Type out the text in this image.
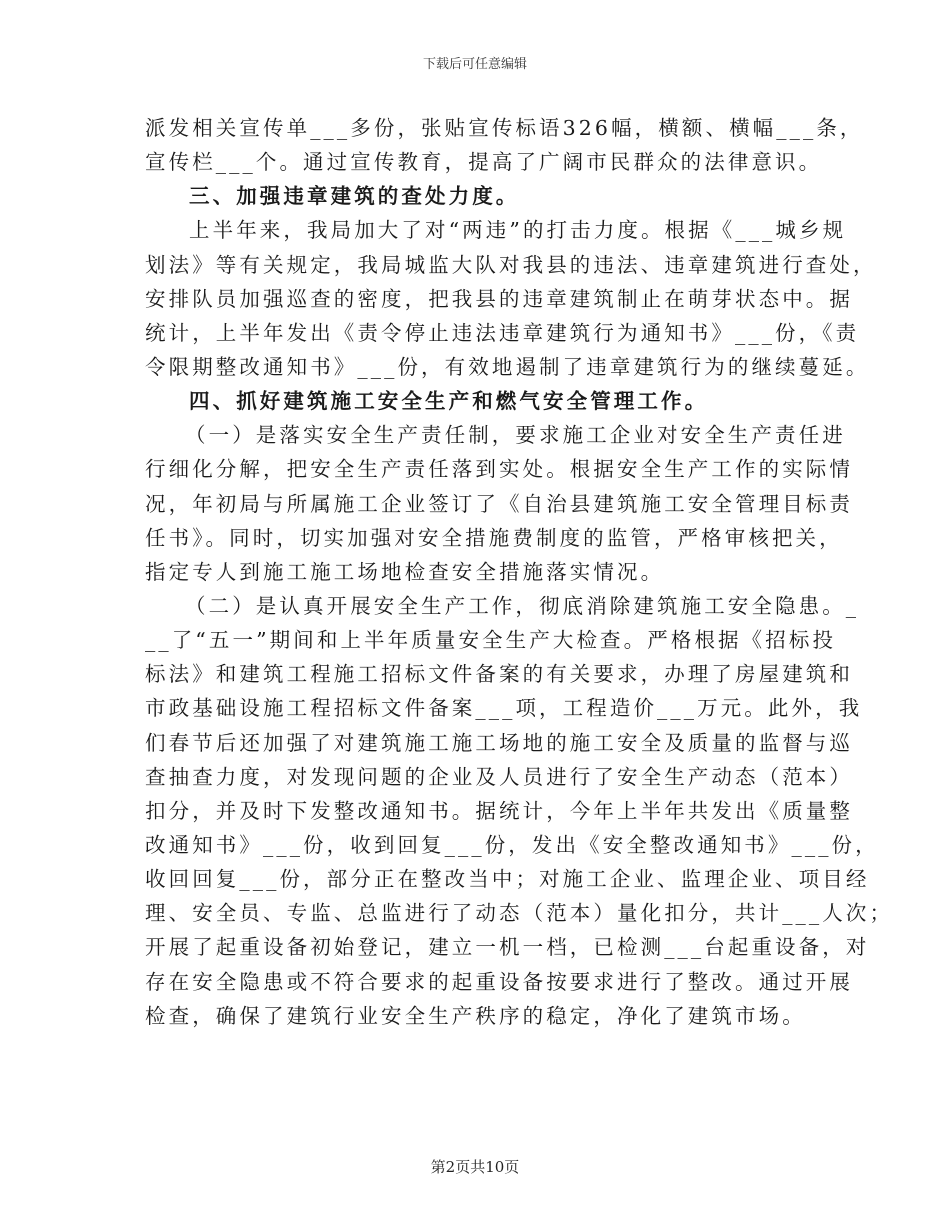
下载后可任意编辑
派发相关宣传单___多份，张贴宣传标语326幅，横额、横幅___条，
宣传栏___个。通过宣传教育，提高了广阔市民群众的法律意识。
三、加强违章建筑的查处力度。
上半年来，我局加大了对“两违”的打击力度。根据《___城乡规
划法》等有关规定，我局城监大队对我县的违法、违章建筑进行查处，
安排队员加强巡查的密度，把我县的违章建筑制止在萌芽状态中。据
统计，上半年发出《责令停止违法违章建筑行为通知书》___份，《责
令限期整改通知书》___份，有效地遏制了违章建筑行为的继续蔓延。
四、抓好建筑施工安全生产和燃气安全管理工作。
（一）是落实安全生产责任制，要求施工企业对安全生产责任进
行细化分解，把安全生产责任落到实处。根据安全生产工作的实际情
况，年初局与所属施工企业签订了《自治县建筑施工安全管理目标责
任书》。同时，切实加强对安全措施费制度的监管，严格审核把关，
指定专人到施工施工场地检查安全措施落实情况。
（二）是认真开展安全生产工作，彻底消除建筑施工安全隐患。_
__了“五一”期间和上半年质量安全生产大检查。严格根据《招标投
标法》和建筑工程施工招标文件备案的有关要求，办理了房屋建筑和
市政基础设施工程招标文件备案___项，工程造价___万元。此外，我
们春节后还加强了对建筑施工施工场地的施工安全及质量的监督与巡
查抽查力度，对发现问题的企业及人员进行了安全生产动态（范本）
扣分，并及时下发整改通知书。据统计，今年上半年共发出《质量整
改通知书》___份，收到回复___份，发出《安全整改通知书》___份，
收回回复___份，部分正在整改当中；对施工企业、监理企业、项目经
理、安全员、专监、总监进行了动态（范本）量化扣分，共计___人次；
开展了起重设备初始登记，建立一机一档，已检测___台起重设备，对
存在安全隐患或不符合要求的起重设备按要求进行了整改。通过开展
检查，确保了建筑行业安全生产秩序的稳定，净化了建筑市场。
第2页共10页
